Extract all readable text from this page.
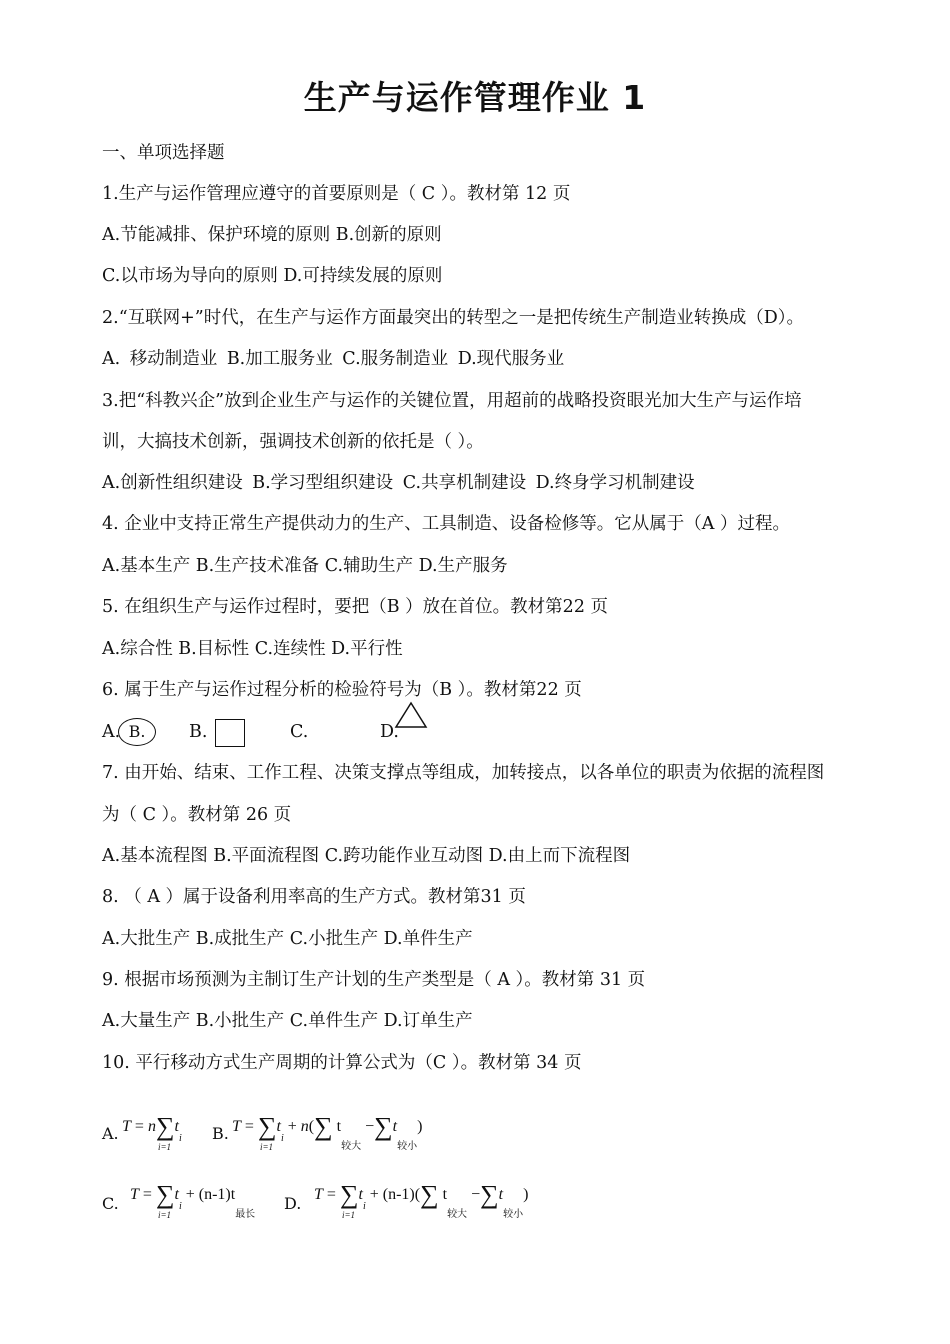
生产与运作管理作业 1
一、单项选择题
1.生产与运作管理应遵守的首要原则是（ C ）。教材第 12 页
A.节能减排、保护环境的原则 B.创新的原则
C.以市场为导向的原则 D.可持续发展的原则
2.“互联网+”时代，在生产与运作方面最突出的转型之一是把传统生产制造业转换成（D）。
A. 移动制造业 B.加工服务业 C.服务制造业 D.现代服务业
3.把“科教兴企”放到企业生产与运作的关键位置，用超前的战略投资眼光加大生产与运作培
训，大搞技术创新，强调技术创新的依托是（ ）。
A.创新性组织建设 B.学习型组织建设 C.共享机制建设 D.终身学习机制建设
4. 企业中支持正常生产提供动力的生产、工具制造、设备检修等。它从属于（A ）过程。
A.基本生产 B.生产技术准备 C.辅助生产 D.生产服务
5. 在组织生产与运作过程时，要把（B ）放在首位。教材第22 页
A.综合性 B.目标性 C.连续性 D.平行性
6. 属于生产与运作过程分析的检验符号为（B ）。教材第22 页
A. B.	B.	C.	D.
7. 由开始、结束、工作工程、决策支撑点等组成，加转接点，以各单位的职责为依据的流程图
为（ C ）。教材第 26 页
A.基本流程图 B.平面流程图 C.跨功能作业互动图 D.由上而下流程图
8. （ A ）属于设备利用率高的生产方式。教材第31 页
A.大批生产 B.成批生产 C.小批生产 D.单件生产
9. 根据市场预测为主制订生产计划的生产类型是（ A ）。教材第 31 页
A.大量生产 B.小批生产 C.单件生产 D.订单生产
10. 平行移动方式生产周期的计算公式为（C ）。教材第 34 页
A. T = n∑
i=1
$t_i$ B. T = ∑
i=1
$t_i + n(\sum$ $t_{较大} -\sum t_{较小}$)
C. T = ∑
i=1
$t_i + (n-1)t_{最长}$
D. T = ∑
i=1
$t_i + (n-1)(\sum$ $t_{较大} -\sum t_{较小}$)
